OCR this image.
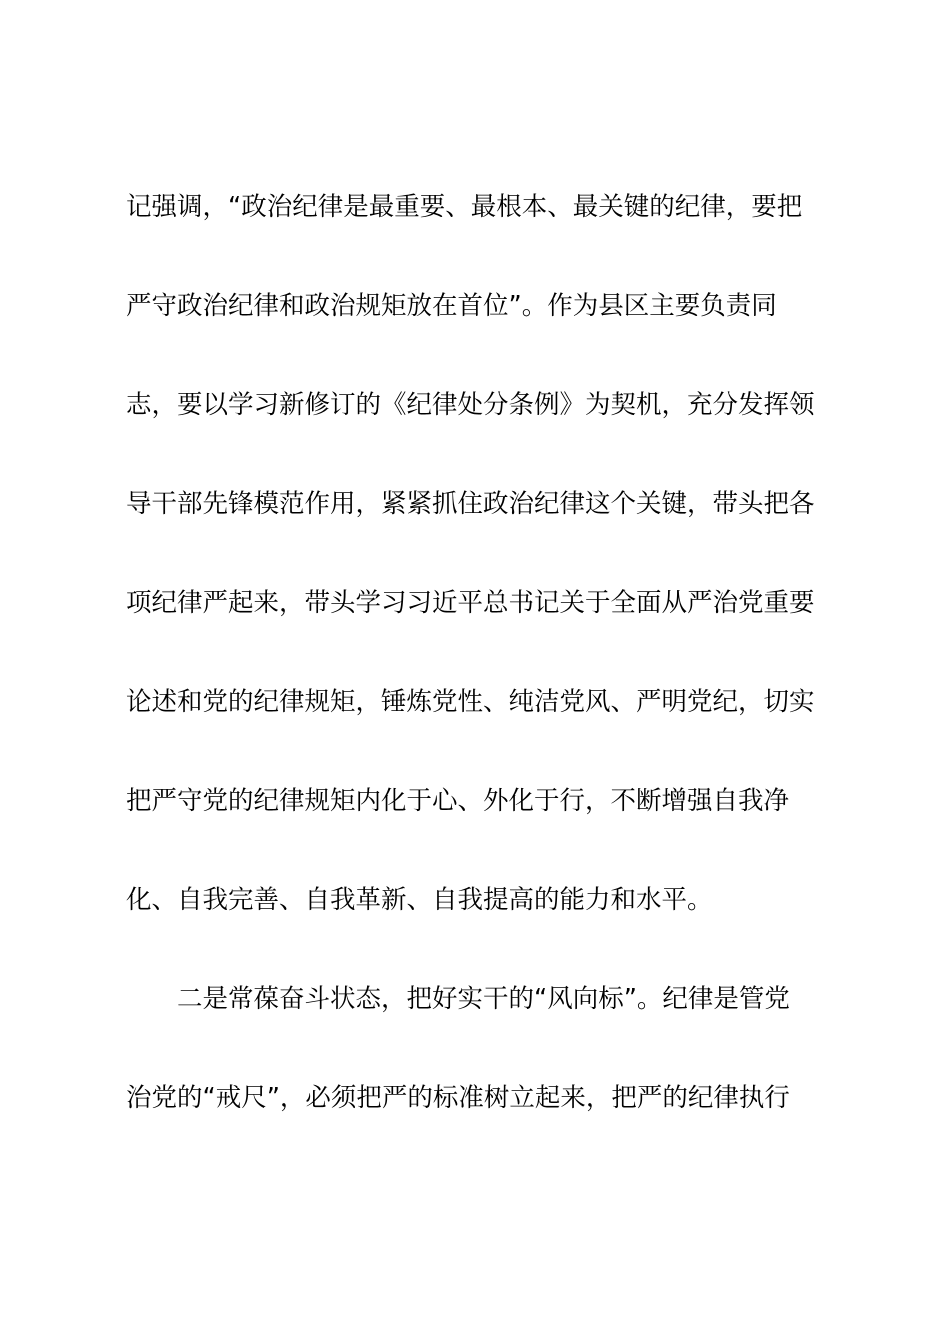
记强调，“政治纪律是最重要、最根本、最关键的纪律，要把
严守政治纪律和政治规矩放在首位”。作为县区主要负责同
志，要以学习新修订的《纪律处分条例》为契机，充分发挥领
导干部先锋模范作用，紧紧抓住政治纪律这个关键，带头把各
项纪律严起来，带头学习习近平总书记关于全面从严治党重要
论述和党的纪律规矩，锤炼党性、纯洁党风、严明党纪，切实
把严守党的纪律规矩内化于心、外化于行，不断增强自我净
化、自我完善、自我革新、自我提高的能力和水平。
二是常葆奋斗状态，把好实干的“风向标”。纪律是管党
治党的“戒尺”，必须把严的标准树立起来，把严的纪律执行
